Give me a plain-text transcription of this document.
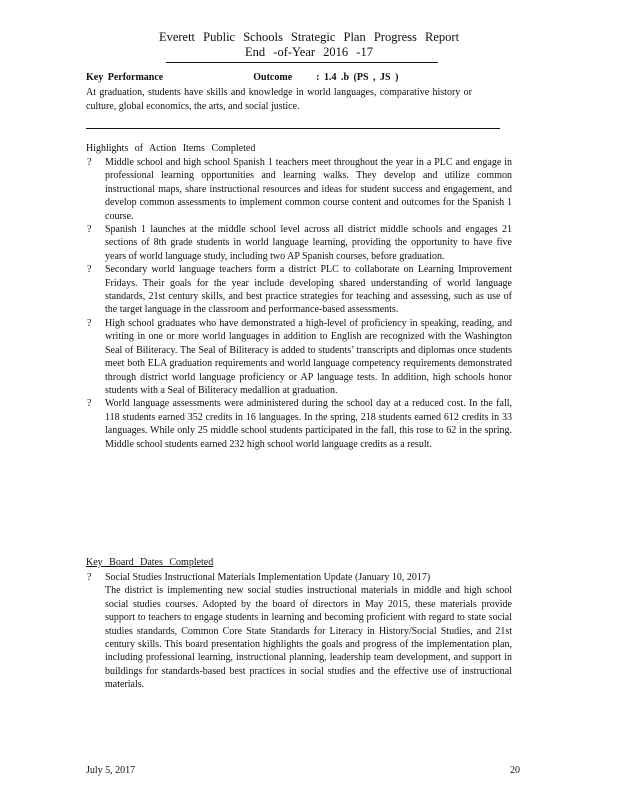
Everett Public Schools Strategic Plan Progress Report
End -of-Year 2016 -17
Key Performance	Outcome : 1.4 .b (PS , JS )
At graduation, students have skills and knowledge in world languages, comparative history or culture, global economics, the arts, and social justice.
Highlights of Action Items Completed
? Middle school and high school Spanish 1 teachers meet throughout the year in a PLC and engage in professional learning opportunities and learning walks. They develop and utilize common instructional maps, share instructional resources and ideas for student success and engagement, and develop common assessments to implement common course content and outcomes for the Spanish 1 course.
? Spanish 1 launches at the middle school level across all district middle schools and engages 21 sections of 8th grade students in world language learning, providing the opportunity to have five years of world language study, including two AP Spanish courses, before graduation.
? Secondary world language teachers form a district PLC to collaborate on Learning Improvement Fridays. Their goals for the year include developing shared understanding of world language standards, 21st century skills, and best practice strategies for teaching and assessing, such as use of the target language in the classroom and performance-based assessments.
? High school graduates who have demonstrated a high-level of proficiency in speaking, reading, and writing in one or more world languages in addition to English are recognized with the Washington Seal of Biliteracy. The Seal of Biliteracy is added to students’ transcripts and diplomas once students meet both ELA graduation requirements and world language competency requirements demonstrated through district world language proficiency or AP language tests. In addition, high schools honor students with a Seal of Biliteracy medallion at graduation.
? World language assessments were administered during the school day at a reduced cost. In the fall, 118 students earned 352 credits in 16 languages. In the spring, 218 students earned 612 credits in 33 languages. While only 25 middle school students participated in the fall, this rose to 62 in the spring. Middle school students earned 232 high school world language credits as a result.
Key Board Dates Completed
? Social Studies Instructional Materials Implementation Update (January 10, 2017)
The district is implementing new social studies instructional materials in middle and high school social studies courses. Adopted by the board of directors in May 2015, these materials provide support to teachers to engage students in learning and becoming proficient with regard to state social studies standards, Common Core State Standards for Literacy in History/Social Studies, and 21st century skills. This board presentation highlights the goals and progress of the implementation plan, including professional learning, instructional planning, leadership team development, and support in buildings for standards-based best practices in social studies and the effective use of instructional materials.
July 5, 2017	20
